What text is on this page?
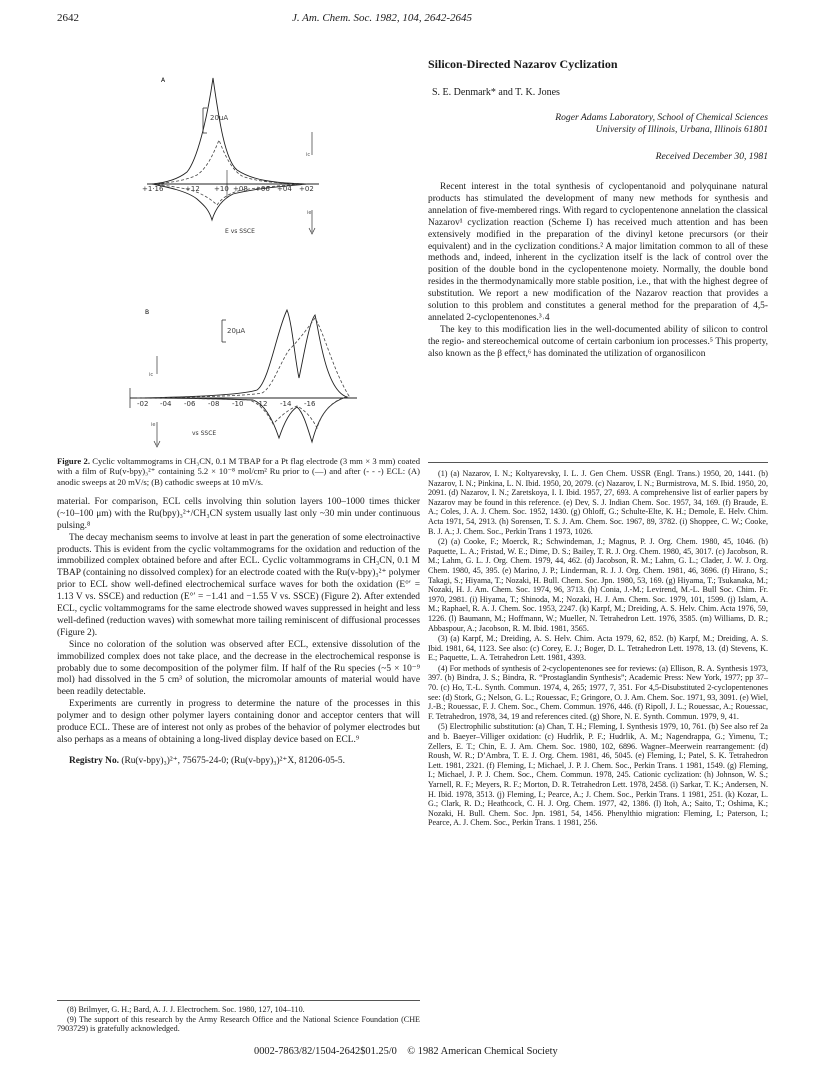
2642	J. Am. Chem. Soc. 1982, 104, 2642-2645
A
20μA
ic
ie
+1·16	+12 +10 +08 +06 +04 +02
E vs SSCE
B
20μA
ic
-02 -04 -06 -08 -10 -12 -14 -16
ie
vs SSCE

Figure 2. Cyclic voltammograms in CH₃CN, 0.1 M TBAP for a Pt flag electrode (3 mm × 3 mm) coated with a film of Ru(v-bpy)₃²⁺ containing 5.2 × 10⁻⁸ mol/cm² Ru prior to (—) and after (- - -) ECL: (A) anodic sweeps at 20 mV/s; (B) cathodic sweeps at 10 mV/s.

material. For comparison, ECL cells involving thin solution layers 100–1000 times thicker (~10–100 μm) with the Ru(bpy)₃²⁺/CH₃CN system usually last only ~30 min under continuous pulsing.⁸

The decay mechanism seems to involve at least in part the generation of some electroinactive products. This is evident from the cyclic voltammograms for the oxidation and reduction of the immobilized complex obtained before and after ECL. Cyclic voltammograms in CH₃CN, 0.1 M TBAP (containing no dissolved complex) for an electrode coated with the Ru(v-bpy)₃²⁺ polymer prior to ECL show well-defined electrochemical surface waves for both the oxidation (E°′ = 1.13 V vs. SSCE) and reduction (E°′ = −1.41 and −1.55 V vs. SSCE) (Figure 2). After extended ECL, cyclic voltammograms for the same electrode showed waves suppressed in height and less well-defined (reduction waves) with somewhat more tailing reminiscent of diffusional processes (Figure 2).

Since no coloration of the solution was observed after ECL, extensive dissolution of the immobilized complex does not take place, and the decrease in the electrochemical response is probably due to some decomposition of the polymer film. If half of the Ru species (~5 × 10⁻⁹ mol) had dissolved in the 5 cm³ of solution, the micromolar amounts of material would have been readily detectable.

Experiments are currently in progress to determine the nature of the processes in this polymer and to design other polymer layers containing donor and acceptor centers that will produce ECL. These are of interest not only as probes of the behavior of polymer electrodes but also perhaps as a means of obtaining a long-lived display device based on ECL.⁹

Registry No. (Ru(v-bpy)₃)²⁺, 75675-24-0; (Ru(v-bpy)₃)²⁺X, 81206-05-5.

(8) Brilmyer, G. H.; Bard, A. J. J. Electrochem. Soc. 1980, 127, 104–110.

(9) The support of this research by the Army Research Office and the National Science Foundation (CHE 7903729) is gratefully acknowledged.

Silicon-Directed Nazarov Cyclization

S. E. Denmark* and T. K. Jones

Roger Adams Laboratory, School of Chemical Sciences

University of Illinois, Urbana, Illinois 61801

Received December 30, 1981

Recent interest in the total synthesis of cyclopentanoid and polyquinane natural products has stimulated the development of many new methods for synthesis and annelation of five-membered rings. With regard to cyclopentenone annelation the classical Nazarov¹ cyclization reaction (Scheme I) has received much attention and has been extensively modified in the preparation of the divinyl ketone precursors (or their equivalent) and in the cyclization conditions.² A major limitation common to all of these methods and, indeed, inherent in the cyclization itself is the lack of control over the position of the double bond in the cyclopentenone moiety. Normally, the double bond resides in the thermodynamically more stable position, i.e., that with the highest degree of substitution. We report a new modification of the Nazarov reaction that provides a solution to this problem and constitutes a general method for the preparation of 4,5-annelated 2-cyclopentenones.³˒4

The key to this modification lies in the well-documented ability of silicon to control the regio- and stereochemical outcome of certain carbonium ion processes.⁵ This property, also known as the β effect,⁶ has dominated the utilization of organosilicon

(1) (a) Nazarov, I. N.; Koltyarevsky, I. L. J. Gen Chem. USSR (Engl. Trans.) 1950, 20, 1441. (b) Nazarov, I. N.; Pinkina, L. N. Ibid. 1950, 20, 2079. (c) Nazarov, I. N.; Burmistrova, M. S. Ibid. 1950, 20, 2091. (d) Nazarov, I. N.; Zaretskoya, I. I. Ibid. 1957, 27, 693. A comprehensive list of earlier papers by Nazarov may be found in this reference. (e) Dev, S. J. Indian Chem. Soc. 1957, 34, 169. (f) Braude, E. A.; Coles, J. A. J. Chem. Soc. 1952, 1430. (g) Ohloff, G.; Schulte-Elte, K. H.; Demole, E. Helv. Chim. Acta 1971, 54, 2913. (h) Sorensen, T. S. J. Am. Chem. Soc. 1967, 89, 3782. (i) Shoppee, C. W.; Cooke, B. J. A.; J. Chem. Soc., Perkin Trans 1 1973, 1026.

(2) (a) Cooke, F.; Moerck, R.; Schwindeman, J.; Magnus, P. J. Org. Chem. 1980, 45, 1046. (b) Paquette, L. A.; Fristad, W. E.; Dime, D. S.; Bailey, T. R. J. Org. Chem. 1980, 45, 3017. (c) Jacobson, R. M.; Lahm, G. L. J. Org. Chem. 1979, 44, 462. (d) Jacobson, R. M.; Lahm, G. L.; Clader, J. W. J. Org. Chem. 1980, 45, 395. (e) Marino, J. P.; Linderman, R. J. J. Org. Chem. 1981, 46, 3696. (f) Hirano, S.; Takagi, S.; Hiyama, T.; Nozaki, H. Bull. Chem. Soc. Jpn. 1980, 53, 169. (g) Hiyama, T.; Tsukanaka, M.; Nozaki, H. J. Am. Chem. Soc. 1974, 96, 3713. (h) Conia, J.-M.; Levirend, M.-L. Bull Soc. Chim. Fr. 1970, 2981. (i) Hiyama, T.; Shinoda, M.; Nozaki, H. J. Am. Chem. Soc. 1979, 101, 1599. (j) Islam, A. M.; Raphael, R. A. J. Chem. Soc. 1953, 2247. (k) Karpf, M.; Dreiding, A. S. Helv. Chim. Acta 1976, 59, 1226. (l) Baumann, M.; Hoffmann, W.; Mueller, N. Tetrahedron Lett. 1976, 3585. (m) Williams, D. R.; Abbaspour, A.; Jacobson, R. M. Ibid. 1981, 3565.

(3) (a) Karpf, M.; Dreiding, A. S. Helv. Chim. Acta 1979, 62, 852. (b) Karpf, M.; Dreiding, A. S. Ibid. 1981, 64, 1123. See also: (c) Corey, E. J.; Boger, D. L. Tetrahedron Lett. 1978, 13. (d) Stevens, K. E.; Paquette, L. A. Tetrahedron Lett. 1981, 4393.

(4) For methods of synthesis of 2-cyclopentenones see for reviews: (a) Ellison, R. A. Synthesis 1973, 397. (b) Bindra, J. S.; Bindra, R. “Prostaglandin Synthesis”; Academic Press: New York, 1977; pp 37–70. (c) Ho, T.-L. Synth. Commun. 1974, 4, 265; 1977, 7, 351. For 4,5-Disubstituted 2-cyclopentenones see: (d) Stork, G.; Nelson, G. L.; Rouessac, F.; Gringore, O. J. Am. Chem. Soc. 1971, 93, 3091. (e) Wiel, J.-B.; Rouessac, F. J. Chem. Soc., Chem. Commun. 1976, 446. (f) Ripoll, J. L.; Rouessac, A.; Rouessac, F. Tetrahedron, 1978, 34, 19 and references cited. (g) Shore, N. E. Synth. Commun. 1979, 9, 41.

(5) Electrophilic substitution: (a) Chan, T. H.; Fleming, I. Synthesis 1979, 10, 761. (b) See also ref 2a and b. Baeyer–Villiger oxidation: (c) Hudrlik, P. F.; Hudrlik, A. M.; Nagendrappa, G.; Yimenu, T.; Zellers, E. T.; Chin, E. J. Am. Chem. Soc. 1980, 102, 6896. Wagner–Meerwein rearrangement: (d) Roush, W. R.; D’Ambra, T. E. J. Org. Chem. 1981, 46, 5045. (e) Fleming, I.; Patel, S. K. Tetrahedron Lett. 1981, 2321. (f) Fleming, I.; Michael, J. P. J. Chem. Soc., Perkin Trans. 1 1981, 1549. (g) Fleming, I.; Michael, J. P. J. Chem. Soc., Chem. Commun. 1978, 245. Cationic cyclization: (h) Johnson, W. S.; Yarnell, R. F.; Meyers, R. F.; Morton, D. R. Tetrahedron Lett. 1978, 2458. (i) Sarkar, T. K.; Andersen, N. H. Ibid. 1978, 3513. (j) Fleming, I.; Pearce, A.; J. Chem. Soc., Perkin Trans. 1 1981, 251. (k) Kozar, L. G.; Clark, R. D.; Heathcock, C. H. J. Org. Chem. 1977, 42, 1386. (l) Itoh, A.; Saito, T.; Oshima, K.; Nozaki, H. Bull. Chem. Soc. Jpn. 1981, 54, 1456. Phenylthio migration: Fleming, I.; Paterson, I.; Pearce, A. J. Chem. Soc., Perkin Trans. 1 1981, 256.

0002-7863/82/1504-2642$01.25/0 © 1982 American Chemical Society
